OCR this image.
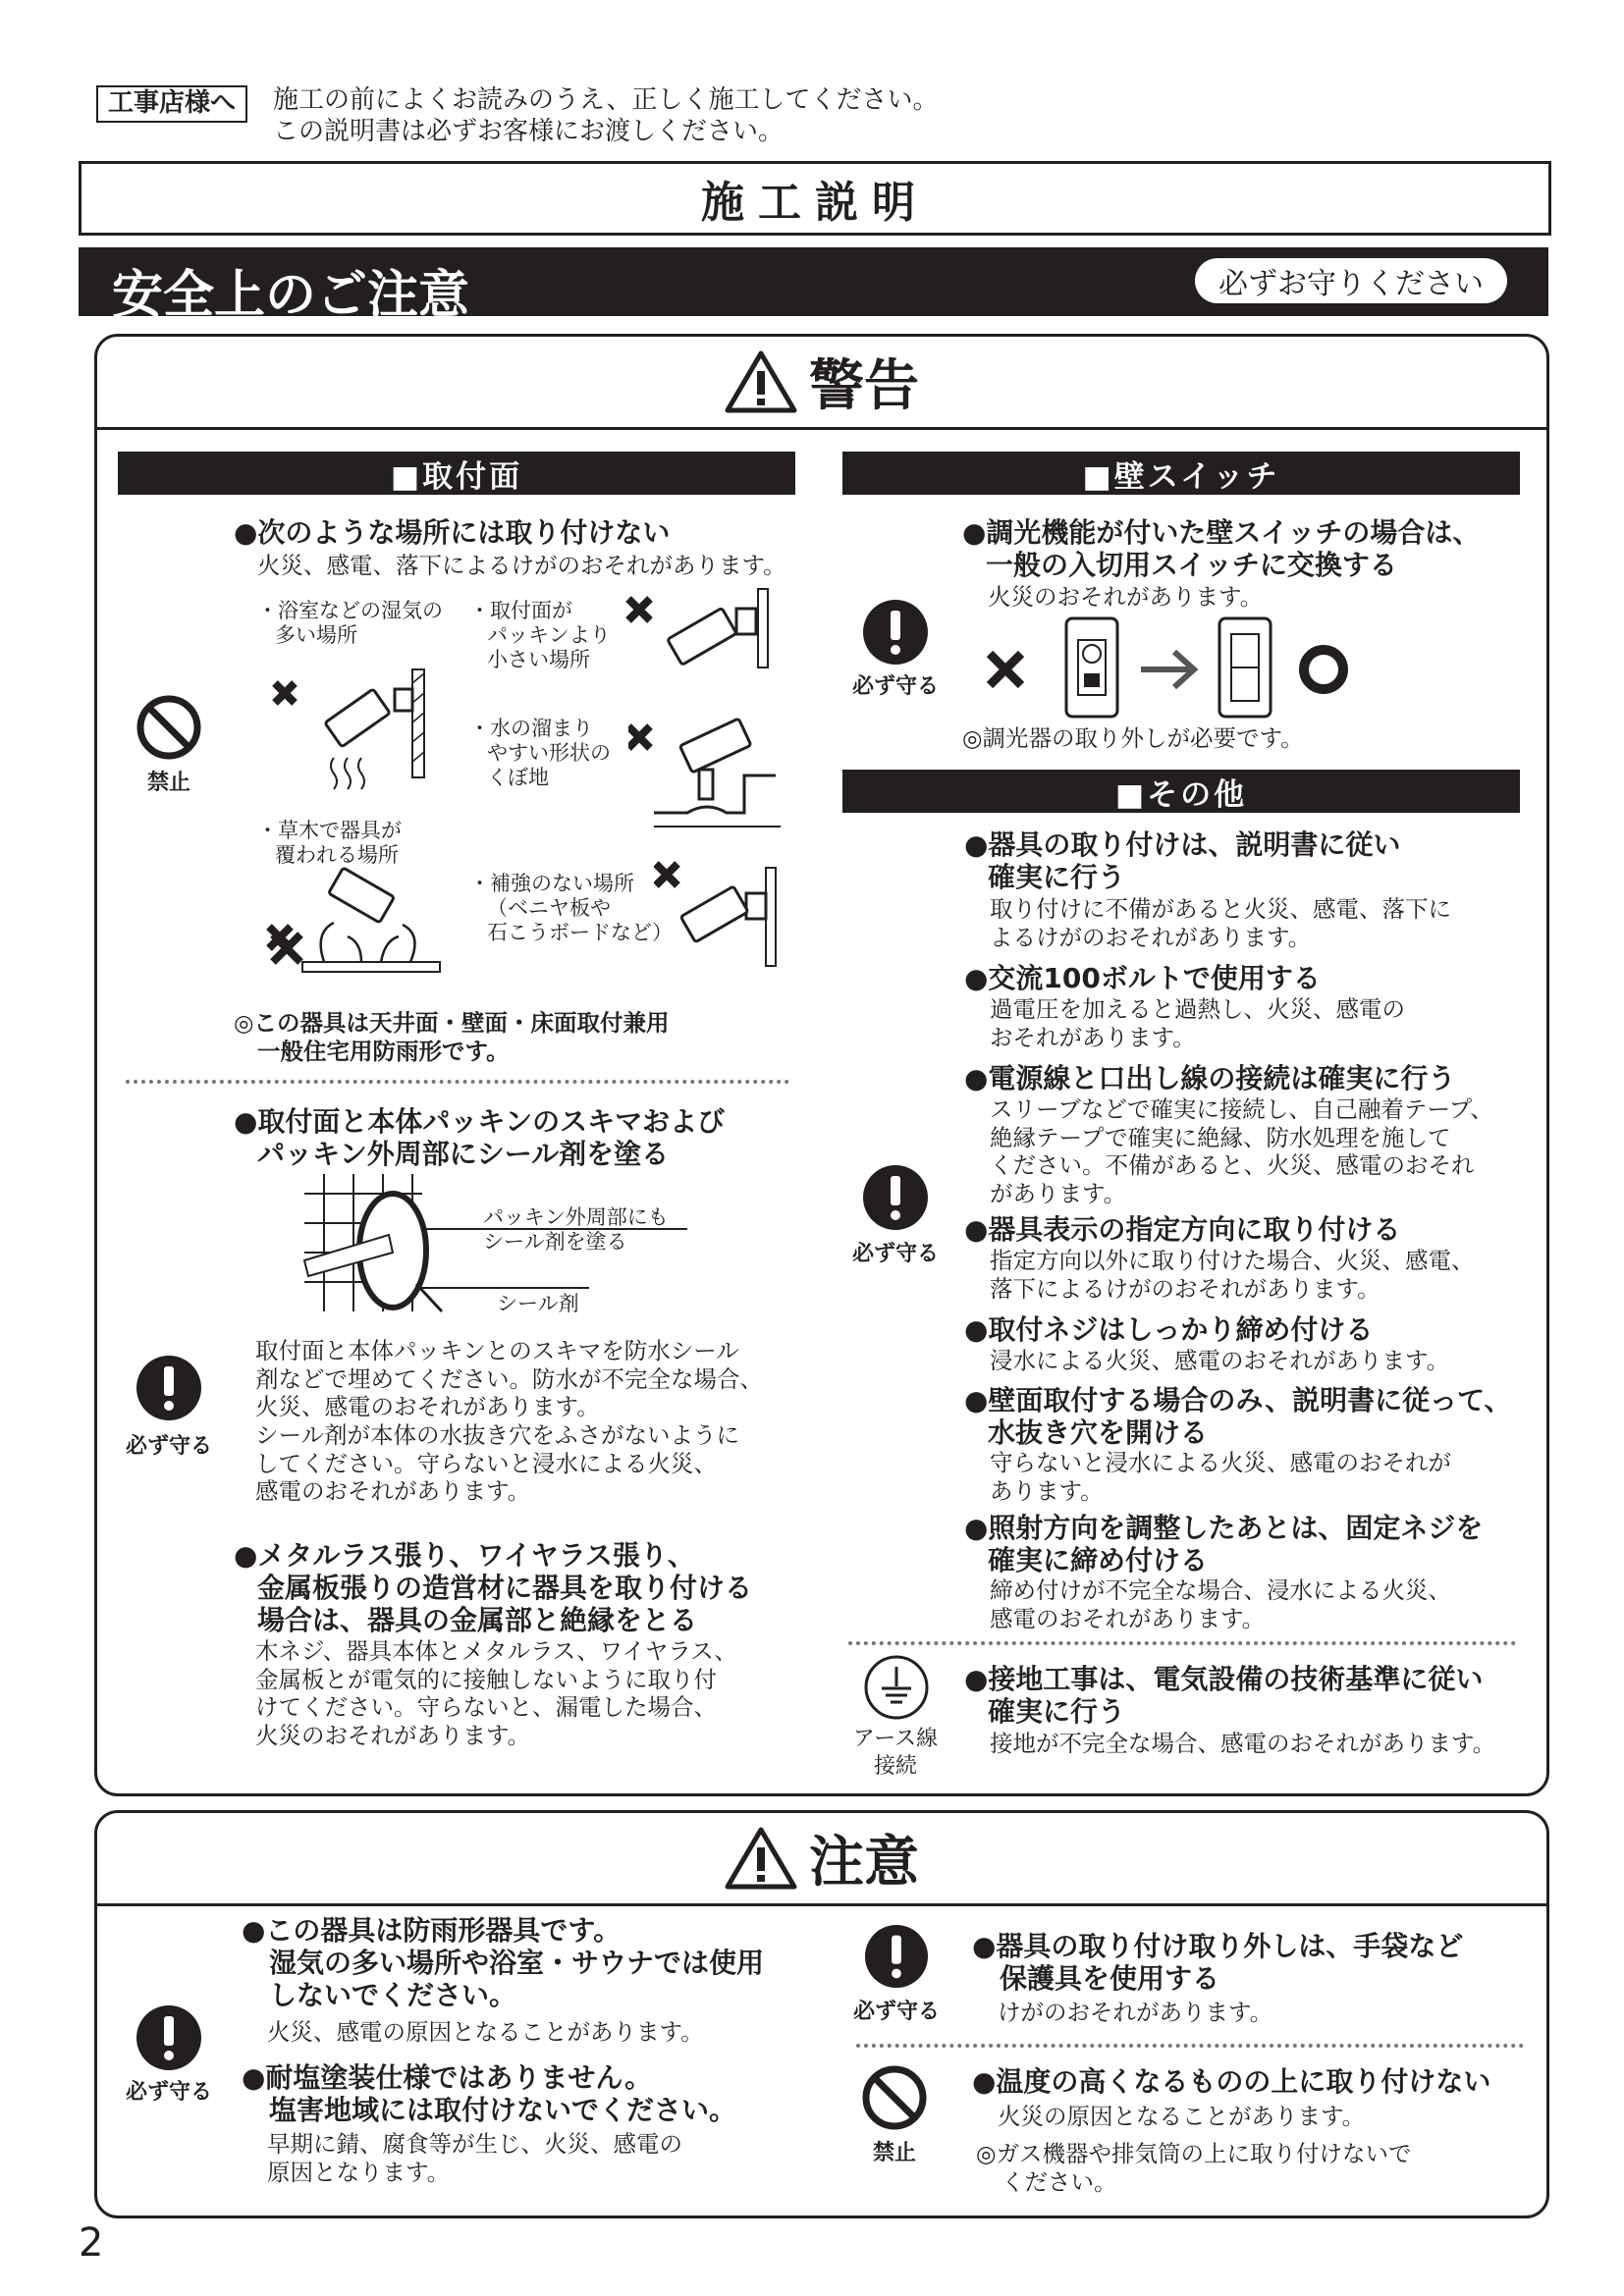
工事店様へ	施工の前によくお読みのうえ、正しく施工してください。
この説明書は必ずお客様にお渡しください。
施工説明
安全上のご注意	必ずお守りください
警告
■取付面
禁止
●次のような場所には取り付けない
火災、感電、落下によるけがのおそれがあります。
・浴室などの湿気の
多い場所
・取付面が
パッキンより
小さい場所
・水の溜まり
やすい形状の
くぼ地
・草木で器具が
覆われる場所
・補強のない場所
（ベニヤ板や
石こうボードなど）
◎この器具は天井面・壁面・床面取付兼用
一般住宅用防雨形です。
必ず守る
●取付面と本体パッキンのスキマおよび
パッキン外周部にシール剤を塗る
パッキン外周部にも
シール剤を塗る
シール剤
取付面と本体パッキンとのスキマを防水シール
剤などで埋めてください。防水が不完全な場合、
火災、感電のおそれがあります。
シール剤が本体の水抜き穴をふさがないように
してください。守らないと浸水による火災、
感電のおそれがあります。
●メタルラス張り、ワイヤラス張り、
金属板張りの造営材に器具を取り付ける
場合は、器具の金属部と絶縁をとる
木ネジ、器具本体とメタルラス、ワイヤラス、
金属板とが電気的に接触しないように取り付
けてください。守らないと、漏電した場合、
火災のおそれがあります。
■壁スイッチ
必ず守る
●調光機能が付いた壁スイッチの場合は、
一般の入切用スイッチに交換する
火災のおそれがあります。
◎調光器の取り外しが必要です。
■その他
必ず守る
●器具の取り付けは、説明書に従い
確実に行う
取り付けに不備があると火災、感電、落下に
よるけがのおそれがあります。
●交流100ボルトで使用する
過電圧を加えると過熱し、火災、感電の
おそれがあります。
●電源線と口出し線の接続は確実に行う
スリーブなどで確実に接続し、自己融着テープ、
絶縁テープで確実に絶縁、防水処理を施して
ください。不備があると、火災、感電のおそれ
があります。
●器具表示の指定方向に取り付ける
指定方向以外に取り付けた場合、火災、感電、
落下によるけがのおそれがあります。
●取付ネジはしっかり締め付ける
浸水による火災、感電のおそれがあります。
●壁面取付する場合のみ、説明書に従って、
水抜き穴を開ける
守らないと浸水による火災、感電のおそれが
あります。
●照射方向を調整したあとは、固定ネジを
確実に締め付ける
締め付けが不完全な場合、浸水による火災、
感電のおそれがあります。
アース線
接続
●接地工事は、電気設備の技術基準に従い
確実に行う
接地が不完全な場合、感電のおそれがあります。
注意
必ず守る
●この器具は防雨形器具です。
湿気の多い場所や浴室・サウナでは使用
しないでください。
火災、感電の原因となることがあります。
●耐塩塗装仕様ではありません。
塩害地域には取付けないでください。
早期に錆、腐食等が生じ、火災、感電の
原因となります。
必ず守る
●器具の取り付け取り外しは、手袋など
保護具を使用する
けがのおそれがあります。
禁止
●温度の高くなるものの上に取り付けない
火災の原因となることがあります。
◎ガス機器や排気筒の上に取り付けないで
ください。
2
